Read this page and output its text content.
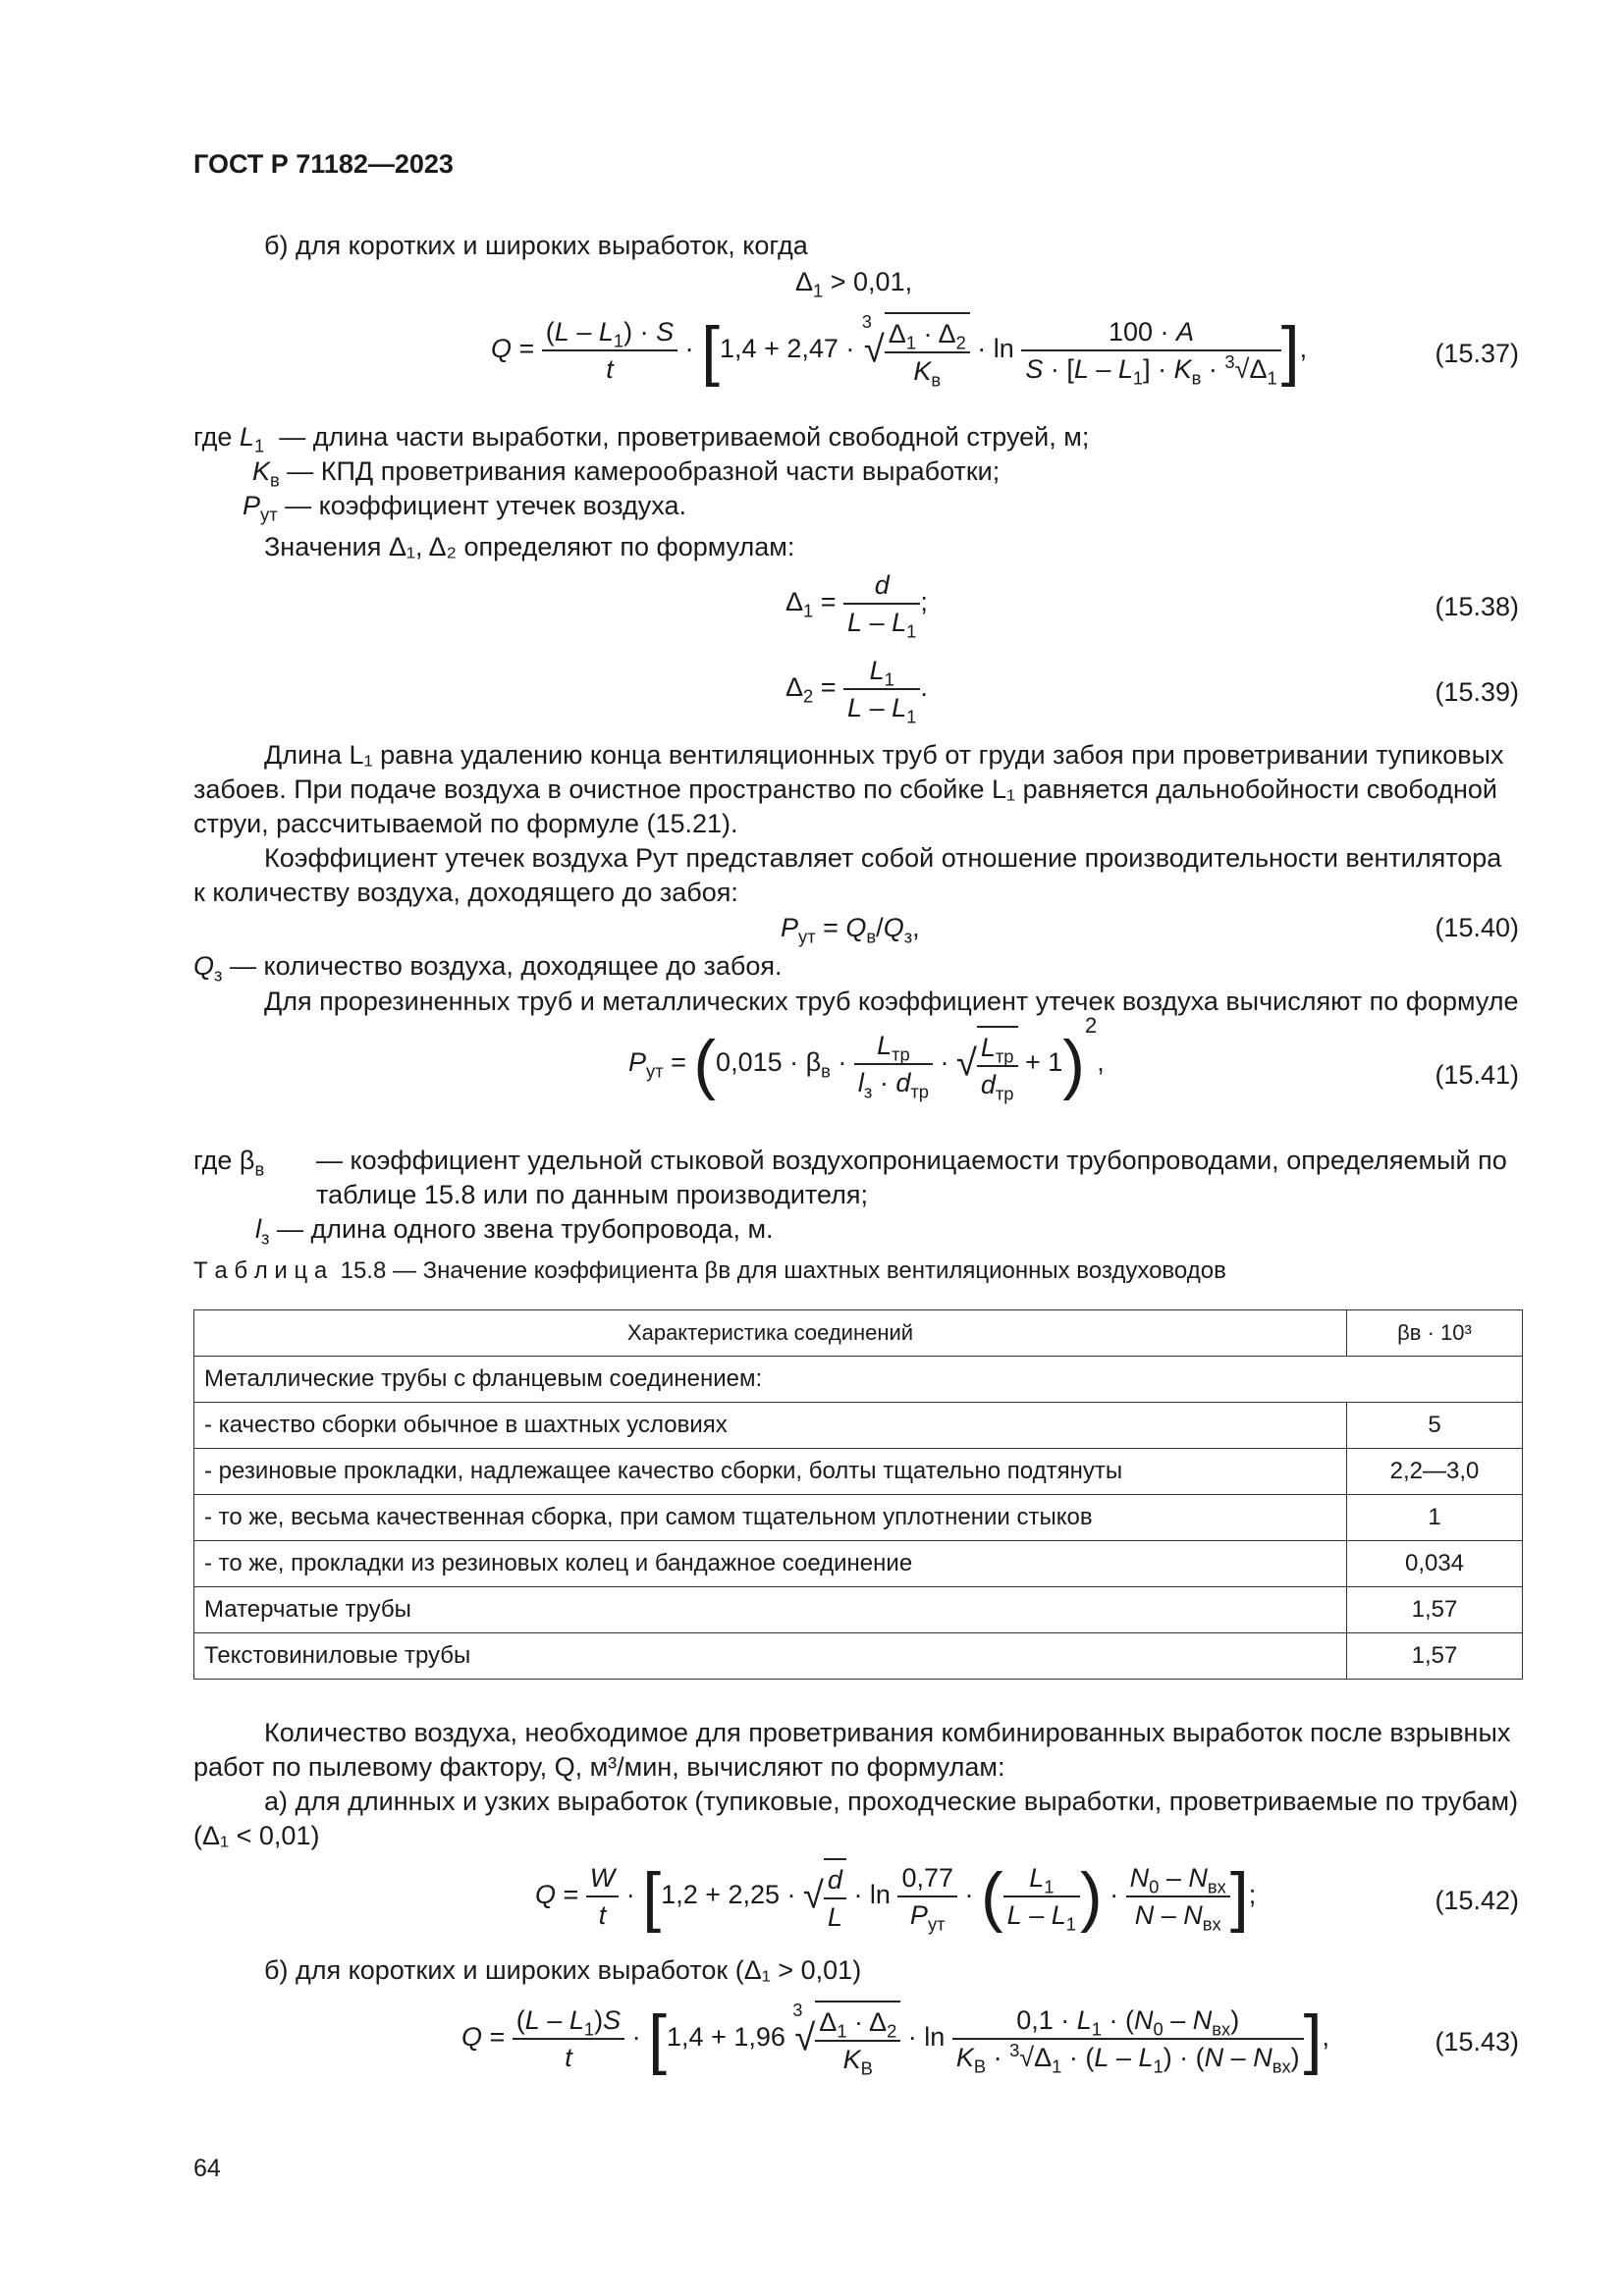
ГОСТ Р 71182—2023
б) для коротких и широких выработок, когда
$\Delta_1 > 0,01$,
$Q = \frac{(L - L_1) \cdot S}{t} \cdot [1,4 + 2,47 \cdot ^3√ \frac{\Delta_1 \cdot \Delta_2}{K_в} \cdot \ln \frac{100 \cdot A}{S \cdot [L - L_1] \cdot K_в \cdot ^3√\Delta_1}$ ],	(15.37)
где $L_1$ — длина части выработки, проветриваемой свободной струей, м;
$K_в$ — КПД проветривания камерообразной части выработки;
$P_{ут}$ — коэффициент утечек воздуха.
Значения Δ₁, Δ₂ определяют по формулам:
$\Delta_1 = \frac{d}{L - L_1}$ ;	(15.38)
$\Delta_2 = \frac{L_1}{L - L_1}$ .	(15.39)
Длина L₁ равна удалению конца вентиляционных труб от груди забоя при проветривании тупиковых забоев. При подаче воздуха в очистное пространство по сбойке L₁ равняется дальнобойности свободной струи, рассчитываемой по формуле (15.21).
Коэффициент утечек воздуха Pут представляет собой отношение производительности вентилятора к количеству воздуха, доходящего до забоя:
$P_{ут} = Q_в/Q_з$,	(15.40)
$Q_з$ — количество воздуха, доходящее до забоя.
Для прорезиненных труб и металлических труб коэффициент утечек воздуха вычисляют по формуле
$P_{ут} = (0,015 \cdot \beta_в \cdot \frac{L_{тр}}{l_з \cdot d_{тр}}$ · √ $\frac{L_{тр}}{d_{тр}} + 1)^2$,	(15.41)
где $\beta_в$	— коэффициент удельной стыковой воздухопроницаемости трубопроводами, определяемый по таблице 15.8 или по данным производителя;
$l_з$ — длина одного звена трубопровода, м.
Т а б л и ц а 15.8 — Значение коэффициента βв для шахтных вентиляционных воздуховодов
Характеристика соединений	βв · 10³
Металлические трубы с фланцевым соединением:	
- качество сборки обычное в шахтных условиях	5
- резиновые прокладки, надлежащее качество сборки, болты тщательно подтянуты	2,2—3,0
- то же, весьма качественная сборка, при самом тщательном уплотнении стыков	1
- то же, прокладки из резиновых колец и бандажное соединение	0,034
Матерчатые трубы	1,57
Текстовиниловые трубы	1,57
Количество воздуха, необходимое для проветривания комбинированных выработок после взрывных работ по пылевому фактору, Q, м³/мин, вычисляют по формулам:
а) для длинных и узких выработок (тупиковые, проходческие выработки, проветриваемые по трубам) (Δ₁ < 0,01)
$Q = \frac{W}{t} \cdot [1,2 + 2,25$ · √ $\frac{d}{L} \cdot \ln \frac{0,77}{P_{ут}}$ · ( $\frac{L_1}{L - L_1}$ ) · $\frac{N_0 - N_{вх}}{N - N_{вх}}$ ];	(15.42)
б) для коротких и широких выработок (Δ₁ > 0,01)
$Q = \frac{(L - L_1)S}{t} \cdot [1,4 + 1,96$ $^3√ \frac{\Delta_1 \cdot \Delta_2}{K_В} \cdot \ln \frac{0,1 \cdot L_1 \cdot (N_0 - N_{вх})}{K_В \cdot ^3√\Delta_1 \cdot (L - L_1) \cdot (N - N_{вх})}$ ],	(15.43)
64
